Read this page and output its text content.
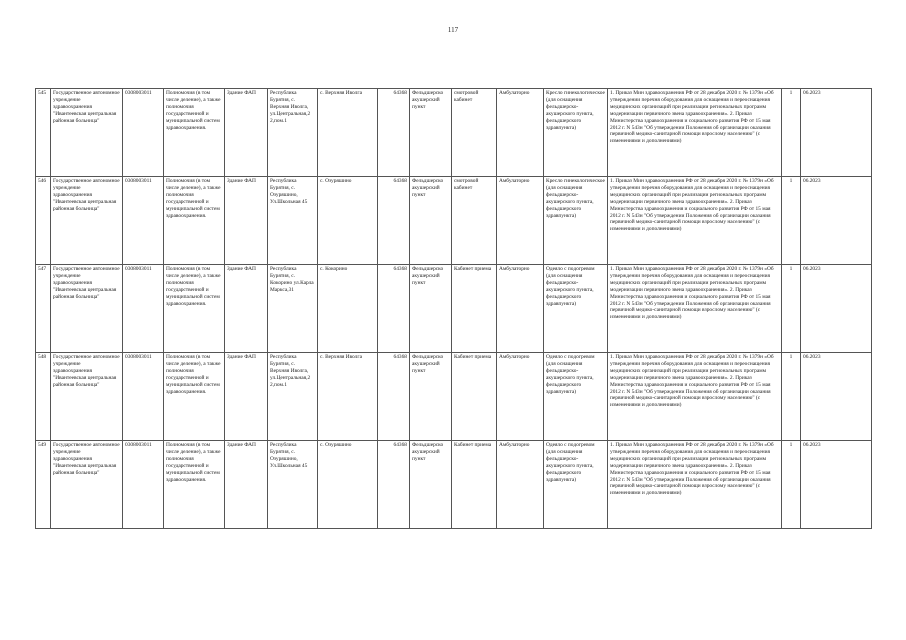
117
545	Государственное автономное учреждение здравоохранения "Ивантеевская центральная районная больница"	0308003011	Полномочия (в том числе деление), а также полномочия государственной и муниципальной систем здравоохранения.	Здание ФАП	Республика Бурятия, с. Верхняя Иволга, ул.Центральная,2 2,пом.1	с. Верхняя Иволга	64368	Фельдшерско акушерский пункт	смотровой кабинет	Амбулаторно	Кресло гинекологическое (для оснащения фельдшерско-акушерского пункта, фельдшерского здравпункта)	1. Приказ Мин здравоохранения РФ от 28 декабря 2020 г. № 1379н «Об утверждении перечня оборудования для оснащения и переоснащения медицинских организаций при реализации региональных программ модернизации первичного звена здравоохранения». 2. Приказ Министерства здравоохранения и социального развития РФ от 15 мая 2012 г. N 543н "Об утверждении Положения об организации оказания первичной медико-санитарной помощи взрослому населению" (с изменениями и дополнениями)	1	06.2023
546	Государственное автономное учреждение здравоохранения "Ивантеевская центральная районная больница"	0308003011	Полномочия (в том числе деление), а также полномочия государственной и муниципальной систем здравоохранения.	Здание ФАП	Республика Бурятия, с. Озуряшино, Ул.Школьная 45	с. Озуряшино	64368	Фельдшерско акушерский пункт	смотровой кабинет	Амбулаторно	Кресло гинекологическое (для оснащения фельдшерско-акушерского пункта, фельдшерского здравпункта)	1. Приказ Мин здравоохранения РФ от 28 декабря 2020 г. № 1379н «Об утверждении перечня оборудования для оснащения и переоснащения медицинских организаций при реализации региональных программ модернизации первичного звена здравоохранения». 2. Приказ Министерства здравоохранения и социального развития РФ от 15 мая 2012 г. N 543н "Об утверждении Положения об организации оказания первичной медико-санитарной помощи взрослому населению" (с изменениями и дополнениями)	1	06.2023
547	Государственное автономное учреждение здравоохранения "Ивантеевская центральная районная больница"	0308003011	Полномочия (в том числе деление), а также полномочия государственной и муниципальной систем здравоохранения.	Здание ФАП	Республика Бурятия, с. Кокорино ул.Карла Маркса,31	с. Кокорино	64368	Фельдшерско акушерский пункт	Кабинет приема	Амбулаторно	Одеяло с подогревом (для оснащения фельдшерско-акушерского пункта, фельдшерского здравпункта)	1. Приказ Мин здравоохранения РФ от 28 декабря 2020 г. № 1379н «Об утверждении перечня оборудования для оснащения и переоснащения медицинских организаций при реализации региональных программ модернизации первичного звена здравоохранения». 2. Приказ Министерства здравоохранения и социального развития РФ от 15 мая 2012 г. N 543н "Об утверждении Положения об организации оказания первичной медико-санитарной помощи взрослому населению" (с изменениями и дополнениями)	1	06.2023
548	Государственное автономное учреждение здравоохранения "Ивантеевская центральная районная больница"	0308003011	Полномочия (в том числе деление), а также полномочия государственной и муниципальной систем здравоохранения.	Здание ФАП	Республика Бурятия, с. Верхняя Иволга, ул.Центральная,2 2,пом.1	с. Верхняя Иволга	64368	Фельдшерско акушерский пункт	Кабинет приема	Амбулаторно	Одеяло с подогревом (для оснащения фельдшерско-акушерского пункта, фельдшерского здравпункта)	1. Приказ Мин здравоохранения РФ от 28 декабря 2020 г. № 1379н «Об утверждении перечня оборудования для оснащения и переоснащения медицинских организаций при реализации региональных программ модернизации первичного звена здравоохранения». 2. Приказ Министерства здравоохранения и социального развития РФ от 15 мая 2012 г. N 543н "Об утверждении Положения об организации оказания первичной медико-санитарной помощи взрослому населению" (с изменениями и дополнениями)	1	06.2023
549	Государственное автономное учреждение здравоохранения "Ивантеевская центральная районная больница"	0308003011	Полномочия (в том числе деление), а также полномочия государственной и муниципальной систем здравоохранения.	Здание ФАП	Республика Бурятия, с. Озуряшино, Ул.Школьная 45	с. Озуряшино	64368	Фельдшерско акушерский пункт	Кабинет приема	Амбулаторно	Одеяло с подогревом (для оснащения фельдшерско-акушерского пункта, фельдшерского здравпункта)	1. Приказ Мин здравоохранения РФ от 28 декабря 2020 г. № 1379н «Об утверждении перечня оборудования для оснащения и переоснащения медицинских организаций при реализации региональных программ модернизации первичного звена здравоохранения». 2. Приказ Министерства здравоохранения и социального развития РФ от 15 мая 2012 г. N 543н "Об утверждении Положения об организации оказания первичной медико-санитарной помощи взрослому населению" (с изменениями и дополнениями)	1	06.2023
